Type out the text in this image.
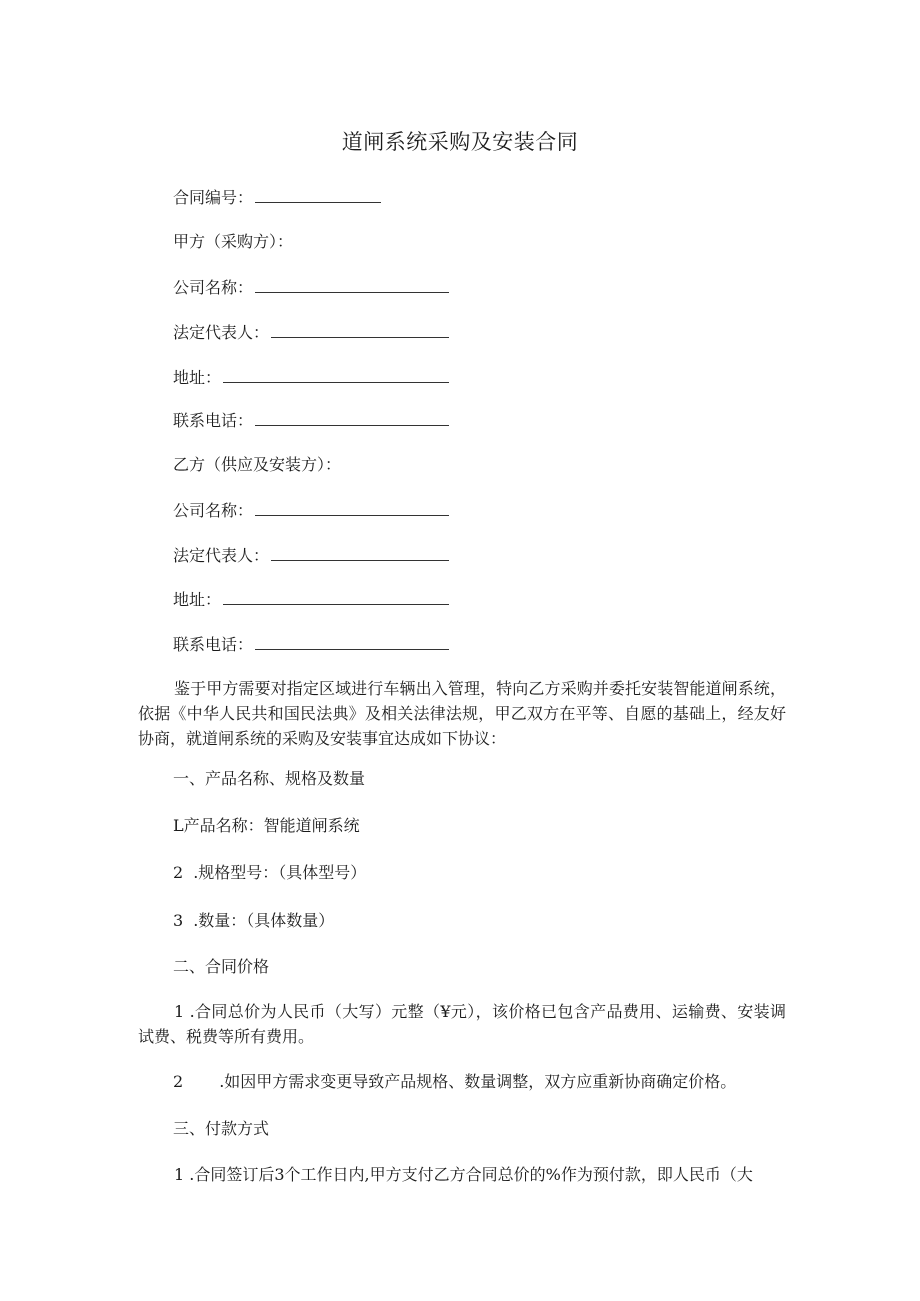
道闸系统采购及安装合同
合同编号：
甲方（采购方）：
公司名称：
法定代表人：
地址：
联系电话：
乙方（供应及安装方）：
公司名称：
法定代表人：
地址：
联系电话：
鉴于甲方需要对指定区域进行车辆出入管理，特向乙方采购并委托安装智能道闸系统，依据《中华人民共和国民法典》及相关法律法规，甲乙双方在平等、自愿的基础上，经友好协商，就道闸系统的采购及安装事宜达成如下协议：
一、产品名称、规格及数量
L产品名称：智能道闸系统
2 .规格型号：（具体型号）
3 .数量：（具体数量）
二、合同价格
1 .合同总价为人民币（大写）元整（¥元），该价格已包含产品费用、运输费、安装调试费、税费等所有费用。
2 .如因甲方需求变更导致产品规格、数量调整，双方应重新协商确定价格。
三、付款方式
1 .合同签订后3个工作日内,甲方支付乙方合同总价的%作为预付款，即人民币（大
